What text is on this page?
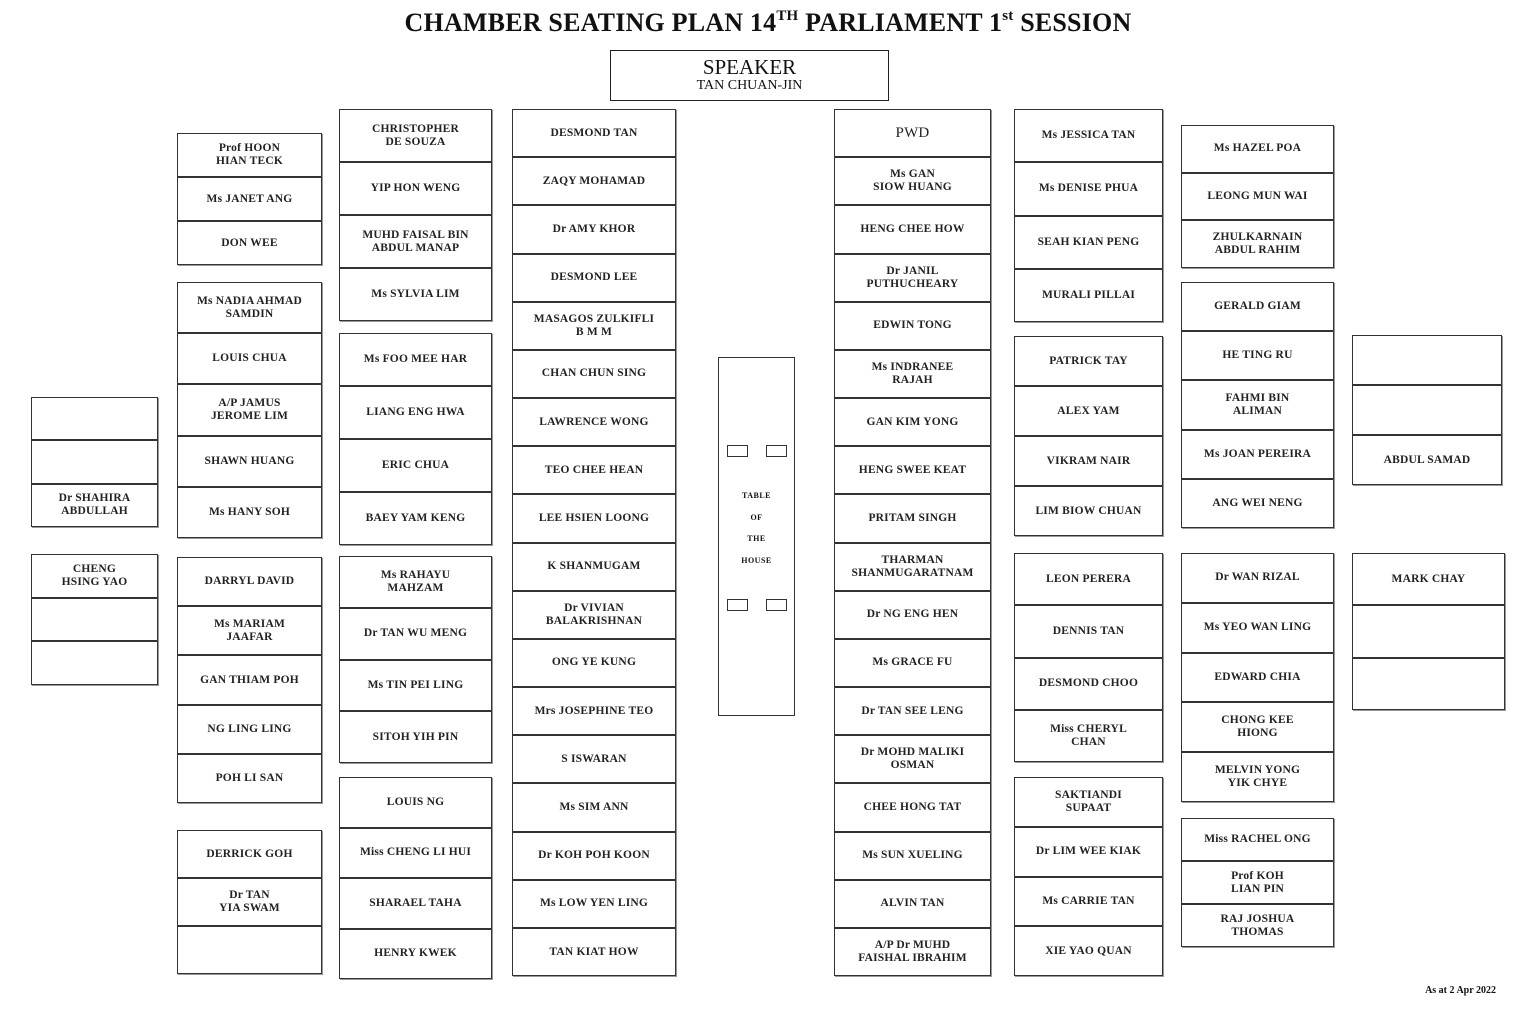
CHAMBER SEATING PLAN 14TH PARLIAMENT 1st SESSION
SPEAKER
TAN CHUAN-JIN
TABLE
OF
THE
HOUSE
Dr SHAHIRA
ABDULLAH
CHENG
HSING YAO
Prof HOON
HIAN TECK
Ms JANET ANG
DON WEE
Ms NADIA AHMAD
SAMDIN
LOUIS CHUA
A/P JAMUS
JEROME LIM
SHAWN HUANG
Ms HANY SOH
DARRYL DAVID
Ms MARIAM
JAAFAR
GAN THIAM POH
NG LING LING
POH LI SAN
DERRICK GOH
Dr TAN
YIA SWAM
CHRISTOPHER
DE SOUZA
YIP HON WENG
MUHD FAISAL BIN
ABDUL MANAP
Ms SYLVIA LIM
Ms FOO MEE HAR
LIANG ENG HWA
ERIC CHUA
BAEY YAM KENG
Ms RAHAYU
MAHZAM
Dr TAN WU MENG
Ms TIN PEI LING
SITOH YIH PIN
LOUIS NG
Miss CHENG LI HUI
SHARAEL TAHA
HENRY KWEK
DESMOND TAN
ZAQY MOHAMAD
Dr AMY KHOR
DESMOND LEE
MASAGOS ZULKIFLI
B M M
CHAN CHUN SING
LAWRENCE WONG
TEO CHEE HEAN
LEE HSIEN LOONG
K SHANMUGAM
Dr VIVIAN
BALAKRISHNAN
ONG YE KUNG
Mrs JOSEPHINE TEO
S ISWARAN
Ms SIM ANN
Dr KOH POH KOON
Ms LOW YEN LING
TAN KIAT HOW
PWD
Ms GAN
SIOW HUANG
HENG CHEE HOW
Dr JANIL
PUTHUCHEARY
EDWIN TONG
Ms INDRANEE
RAJAH
GAN KIM YONG
HENG SWEE KEAT
PRITAM SINGH
THARMAN
SHANMUGARATNAM
Dr NG ENG HEN
Ms GRACE FU
Dr TAN SEE LENG
Dr MOHD MALIKI
OSMAN
CHEE HONG TAT
Ms SUN XUELING
ALVIN TAN
A/P Dr MUHD
FAISHAL IBRAHIM
Ms JESSICA TAN
Ms DENISE PHUA
SEAH KIAN PENG
MURALI PILLAI
PATRICK TAY
ALEX YAM
VIKRAM NAIR
LIM BIOW CHUAN
LEON PERERA
DENNIS TAN
DESMOND CHOO
Miss CHERYL
CHAN
SAKTIANDI
SUPAAT
Dr LIM WEE KIAK
Ms CARRIE TAN
XIE YAO QUAN
Ms HAZEL POA
LEONG MUN WAI
ZHULKARNAIN
ABDUL RAHIM
GERALD GIAM
HE TING RU
FAHMI BIN
ALIMAN
Ms JOAN PEREIRA
ANG WEI NENG
Dr WAN RIZAL
Ms YEO WAN LING
EDWARD CHIA
CHONG KEE
HIONG
MELVIN YONG
YIK CHYE
Miss RACHEL ONG
Prof KOH
LIAN PIN
RAJ JOSHUA
THOMAS
ABDUL SAMAD
MARK CHAY
As at 2 Apr 2022
